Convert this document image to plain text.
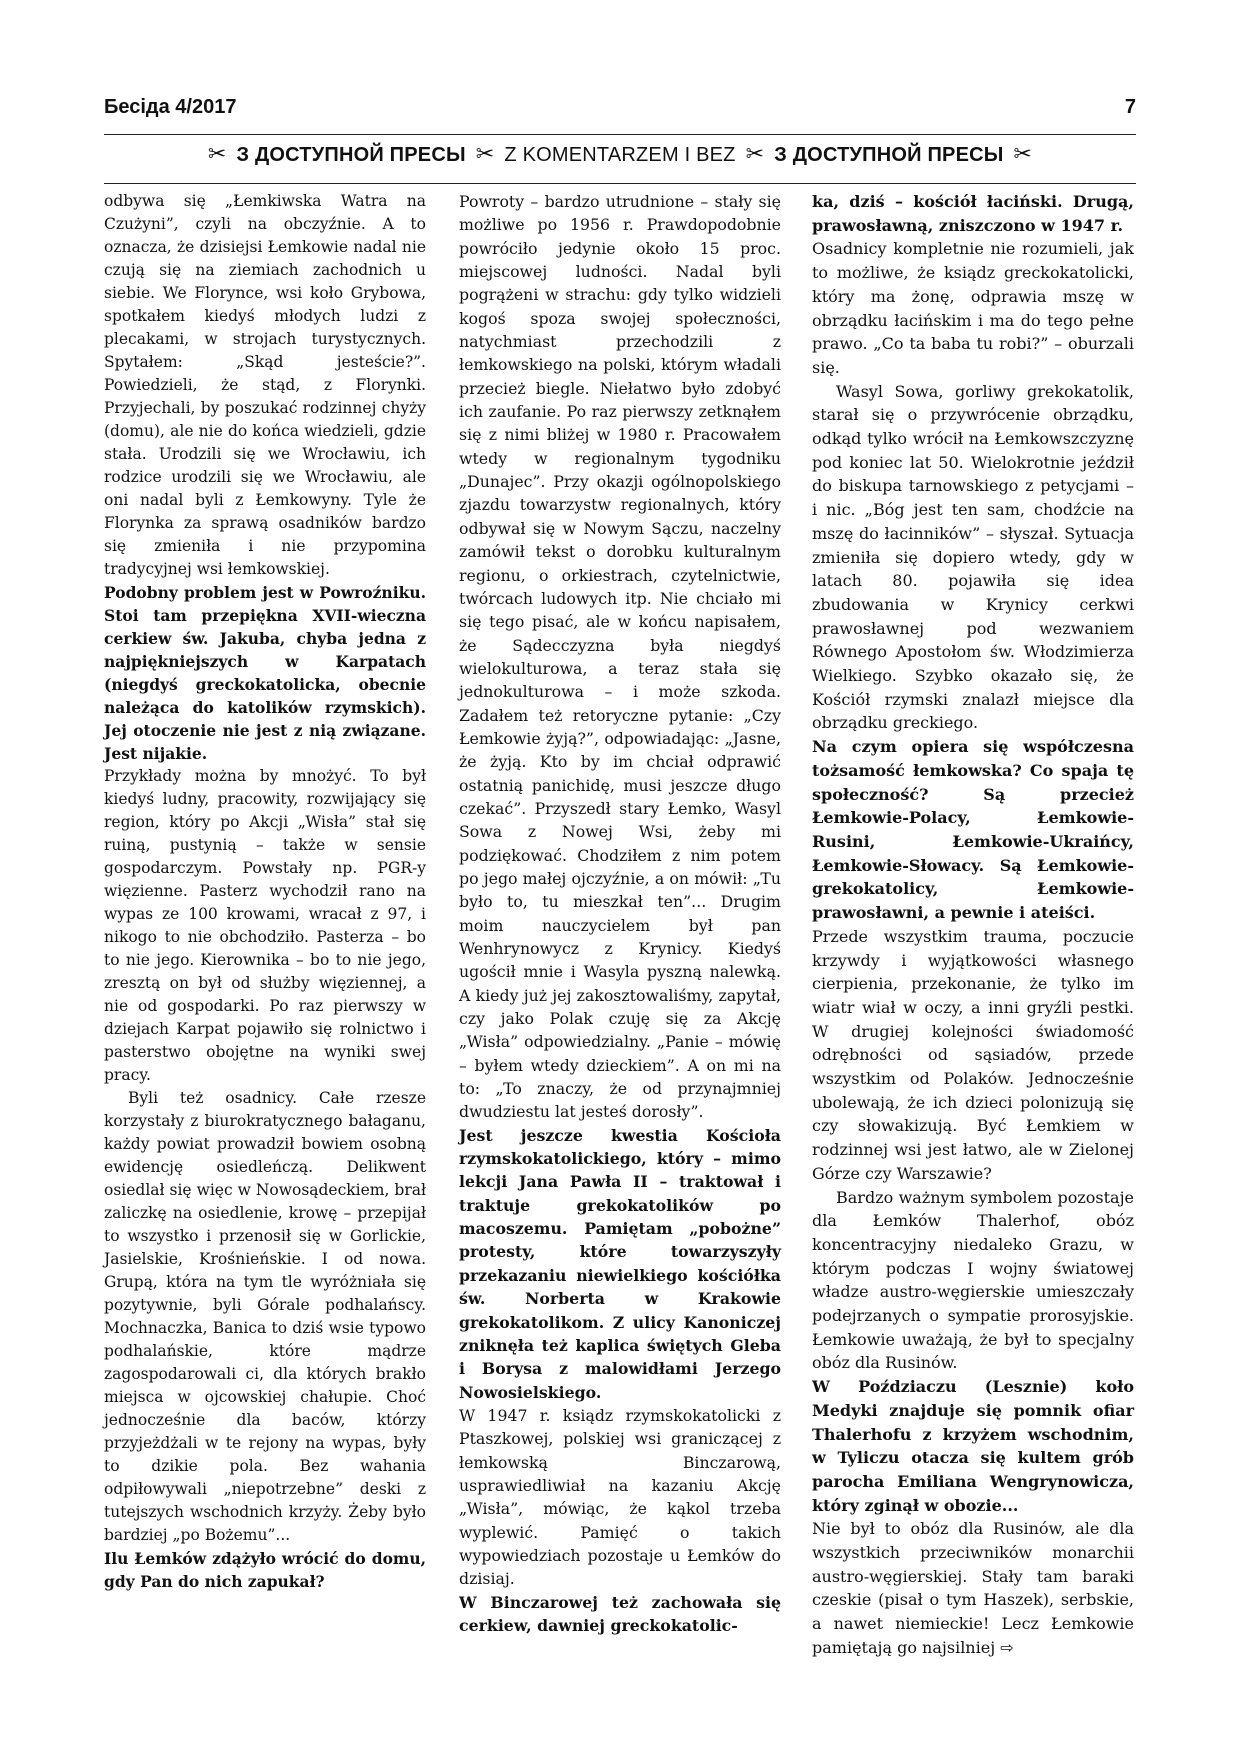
Бесіда 4/2017	7
✂ З ДОСТУПНОЙ ПРЕСЫ ✂ Z KOMENTARZEM I BEZ ✂ З ДОСТУПНОЙ ПРЕСЫ ✂

odbywa się „Łemkiwska Watra na Czużyni”, czyli na obczyźnie. A to oznacza, że dzisiejsi Łemkowie nadal nie czują się na ziemiach zachodnich u siebie. We Florynce, wsi koło Grybowa, spotkałem kiedyś młodych ludzi z plecakami, w strojach turystycznych. Spytałem: „Skąd jesteście?”. Powiedzieli, że stąd, z Florynki. Przyjechali, by poszukać rodzinnej chyży (domu), ale nie do końca wiedzieli, gdzie stała. Urodzili się we Wrocławiu, ich rodzice urodzili się we Wrocławiu, ale oni nadal byli z Łemkowyny. Tyle że Florynka za sprawą osadników bardzo się zmieniła i nie przypomina tradycyjnej wsi łemkowskiej.

Podobny problem jest w Powroźniku. Stoi tam przepiękna XVII-wieczna cerkiew św. Jakuba, chyba jedna z najpiękniejszych w Karpatach (niegdyś greckokatolicka, obecnie należąca do katolików rzymskich). Jej otoczenie nie jest z nią związane. Jest nijakie.

Przykłady można by mnożyć. To był kiedyś ludny, pracowity, rozwijający się region, który po Akcji „Wisła” stał się ruiną, pustynią – także w sensie gospodarczym. Powstały np. PGR-y więzienne. Pasterz wychodził rano na wypas ze 100 krowami, wracał z 97, i nikogo to nie obchodziło. Pasterza – bo to nie jego. Kierownika – bo to nie jego, zresztą on był od służby więziennej, a nie od gospodarki. Po raz pierwszy w dziejach Karpat pojawiło się rolnictwo i pasterstwo obojętne na wyniki swej pracy.

Byli też osadnicy. Całe rzesze korzystały z biurokratycznego bałaganu, każdy powiat prowadził bowiem osobną ewidencję osiedleńczą. Delikwent osiedlał się więc w Nowosądeckiem, brał zaliczkę na osiedlenie, krowę – przepijał to wszystko i przenosił się w Gorlickie, Jasielskie, Krośnieńskie. I od nowa. Grupą, która na tym tle wyróżniała się pozytywnie, byli Górale podhalańscy. Mochnaczka, Banica to dziś wsie typowo podhalańskie, które mądrze zagospodarowali ci, dla których brakło miejsca w ojcowskiej chałupie. Choć jednocześnie dla baców, którzy przyjeżdżali w te rejony na wypas, były to dzikie pola. Bez wahania odpiłowywali „niepotrzebne” deski z tutejszych wschodnich krzyży. Żeby było bardziej „po Bożemu”...

Ilu Łemków zdążyło wrócić do domu, gdy Pan do nich zapukał?

Powroty – bardzo utrudnione – stały się możliwe po 1956 r. Prawdopodobnie powróciło jedynie około 15 proc. miejscowej ludności. Nadal byli pogrążeni w strachu: gdy tylko widzieli kogoś spoza swojej społeczności, natychmiast przechodzili z łemkowskiego na polski, którym władali przecież biegle. Niełatwo było zdobyć ich zaufanie. Po raz pierwszy zetknąłem się z nimi bliżej w 1980 r. Pracowałem wtedy w regionalnym tygodniku „Dunajec”. Przy okazji ogólnopolskiego zjazdu towarzystw regionalnych, który odbywał się w Nowym Sączu, naczelny zamówił tekst o dorobku kulturalnym regionu, o orkiestrach, czytelnictwie, twórcach ludowych itp. Nie chciało mi się tego pisać, ale w końcu napisałem, że Sądecczyzna była niegdyś wielokulturowa, a teraz stała się jednokulturowa – i może szkoda. Zadałem też retoryczne pytanie: „Czy Łemkowie żyją?”, odpowiadając: „Jasne, że żyją. Kto by im chciał odprawić ostatnią panichidę, musi jeszcze długo czekać”. Przyszedł stary Łemko, Wasyl Sowa z Nowej Wsi, żeby mi podziękować. Chodziłem z nim potem po jego małej ojczyźnie, a on mówił: „Tu było to, tu mieszkał ten”... Drugim moim nauczycielem był pan Wenhrynowycz z Krynicy. Kiedyś ugościł mnie i Wasyla pyszną nalewką. A kiedy już jej zakosztowaliśmy, zapytał, czy jako Polak czuję się za Akcję „Wisła” odpowiedzialny. „Panie – mówię – byłem wtedy dzieckiem”. A on mi na to: „To znaczy, że od przynajmniej dwudziestu lat jesteś dorosły”.

Jest jeszcze kwestia Kościoła rzymskokatolickiego, który – mimo lekcji Jana Pawła II – traktował i traktuje grekokatolików po macoszemu. Pamiętam „pobożne” protesty, które towarzyszyły przekazaniu niewielkiego kościółka św. Norberta w Krakowie grekokatolikom. Z ulicy Kanoniczej zniknęła też kaplica świętych Gleba i Borysa z malowidłami Jerzego Nowosielskiego.

W 1947 r. ksiądz rzymskokatolicki z Ptaszkowej, polskiej wsi graniczącej z łemkowską Binczarową, usprawiedliwiał na kazaniu Akcję „Wisła”, mówiąc, że kąkol trzeba wyplewić. Pamięć o takich wypowiedziach pozostaje u Łemków do dzisiaj.

W Binczarowej też zachowała się cerkiew, dawniej greckokatolic-

ka, dziś – kościół łaciński. Drugą, prawosławną, zniszczono w 1947 r.

Osadnicy kompletnie nie rozumieli, jak to możliwe, że ksiądz greckokatolicki, który ma żonę, odprawia mszę w obrządku łacińskim i ma do tego pełne prawo. „Co ta baba tu robi?” – oburzali się.

Wasyl Sowa, gorliwy grekokatolik, starał się o przywrócenie obrządku, odkąd tylko wrócił na Łemkowszczyznę pod koniec lat 50. Wielokrotnie jeździł do biskupa tarnowskiego z petycjami – i nic. „Bóg jest ten sam, chodźcie na mszę do łacinników” – słyszał. Sytuacja zmieniła się dopiero wtedy, gdy w latach 80. pojawiła się idea zbudowania w Krynicy cerkwi prawosławnej pod wezwaniem Równego Apostołom św. Włodzimierza Wielkiego. Szybko okazało się, że Kościół rzymski znalazł miejsce dla obrządku greckiego.

Na czym opiera się współczesna tożsamość łemkowska? Co spaja tę społeczność? Są przecież Łemkowie-Polacy, Łemkowie-Rusini, Łemkowie-Ukraińcy, Łemkowie-Słowacy. Są Łemkowie-grekokatolicy, Łemkowie-prawosławni, a pewnie i ateiści.

Przede wszystkim trauma, poczucie krzywdy i wyjątkowości własnego cierpienia, przekonanie, że tylko im wiatr wiał w oczy, a inni gryźli pestki. W drugiej kolejności świadomość odrębności od sąsiadów, przede wszystkim od Polaków. Jednocześnie ubolewają, że ich dzieci polonizują się czy słowakizują. Być Łemkiem w rodzinnej wsi jest łatwo, ale w Zielonej Górze czy Warszawie?

Bardzo ważnym symbolem pozostaje dla Łemków Thalerhof, obóz koncentracyjny niedaleko Grazu, w którym podczas I wojny światowej władze austro-węgierskie umieszczały podejrzanych o sympatie prorosyjskie. Łemkowie uważają, że był to specjalny obóz dla Rusinów.

W Poździaczu (Lesznie) koło Medyki znajduje się pomnik ofiar Thalerhofu z krzyżem wschodnim, w Tyliczu otacza się kultem grób parocha Emiliana Wengrynowicza, który zginął w obozie...

Nie był to obóz dla Rusinów, ale dla wszystkich przeciwników monarchii austro-węgierskiej. Stały tam baraki czeskie (pisał o tym Haszek), serbskie, a nawet niemieckie! Lecz Łemkowie pamiętają go najsilniej ⇨
